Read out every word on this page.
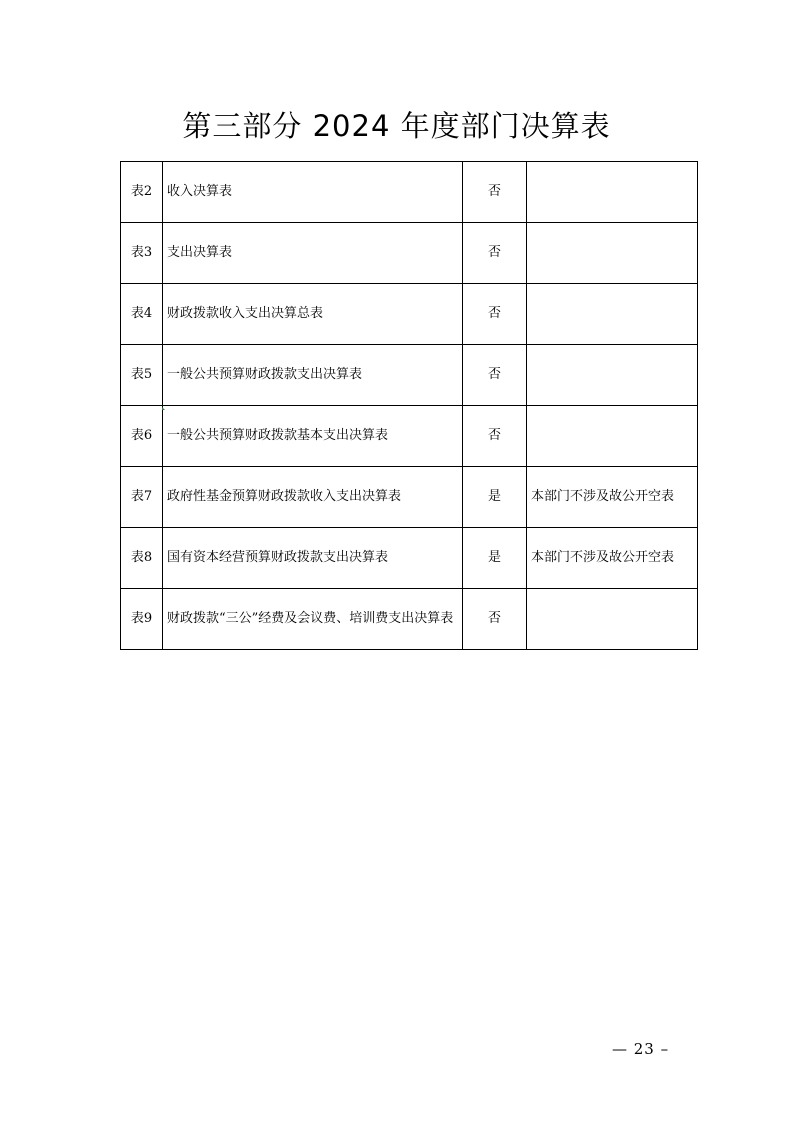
第三部分 2024 年度部门决算表
表2	收入决算表	否	
表3	支出决算表	否	
表4	财政拨款收入支出决算总表	否	
表5	一般公共预算财政拨款支出决算表	否	
表6	一般公共预算财政拨款基本支出决算表	否	
表7	政府性基金预算财政拨款收入支出决算表	是	本部门不涉及故公开空表
表8	国有资本经营预算财政拨款支出决算表	是	本部门不涉及故公开空表
表9	财政拨款“三公”经费及会议费、培训费支出决算表	否	
— 23 –
